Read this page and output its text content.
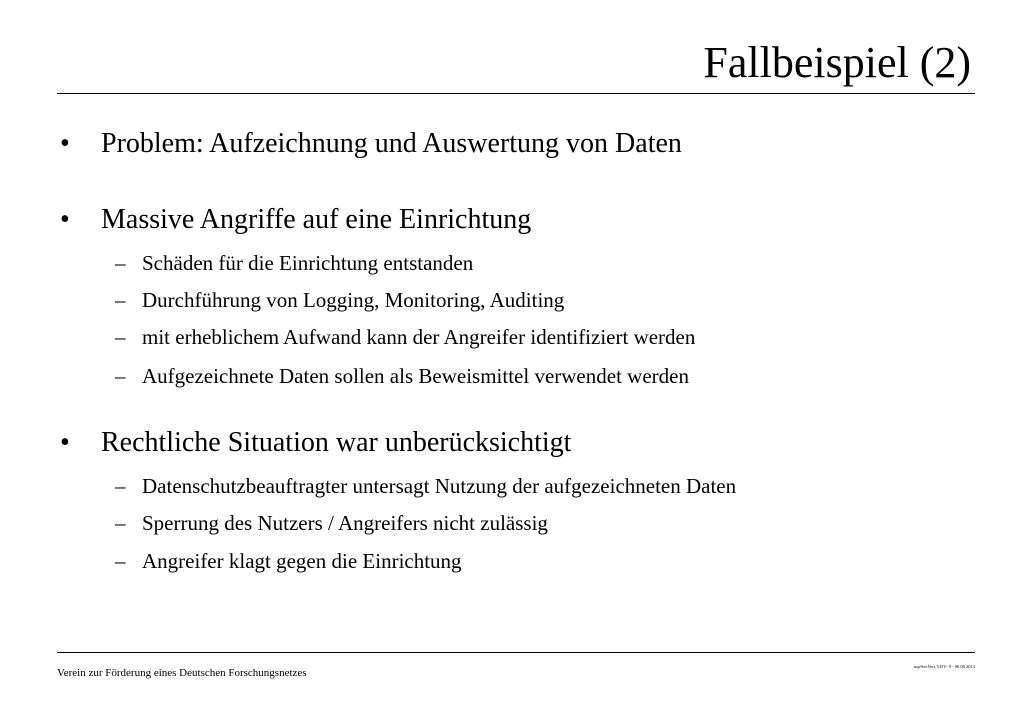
Fallbeispiel (2)
• Problem: Aufzeichnung und Auswertung von Daten
• Massive Angriffe auf eine Einrichtung
– Schäden für die Einrichtung entstanden
– Durchführung von Logging, Monitoring, Auditing
– mit erheblichem Aufwand kann der Angreifer identifiziert werden
– Aufgezeichnete Daten sollen als Beweismittel verwendet werden
• Rechtliche Situation war unberücksichtigt
– Datenschutzbeauftragter untersagt Nutzung der aufgezeichneten Daten
– Sperrung des Nutzers / Angreifers nicht zulässig
– Angreifer klagt gegen die Einrichtung
Verein zur Förderung eines Deutschen Forschungsnetzes
mp/SecVers 5.DV- 9 - 06.06.2014
